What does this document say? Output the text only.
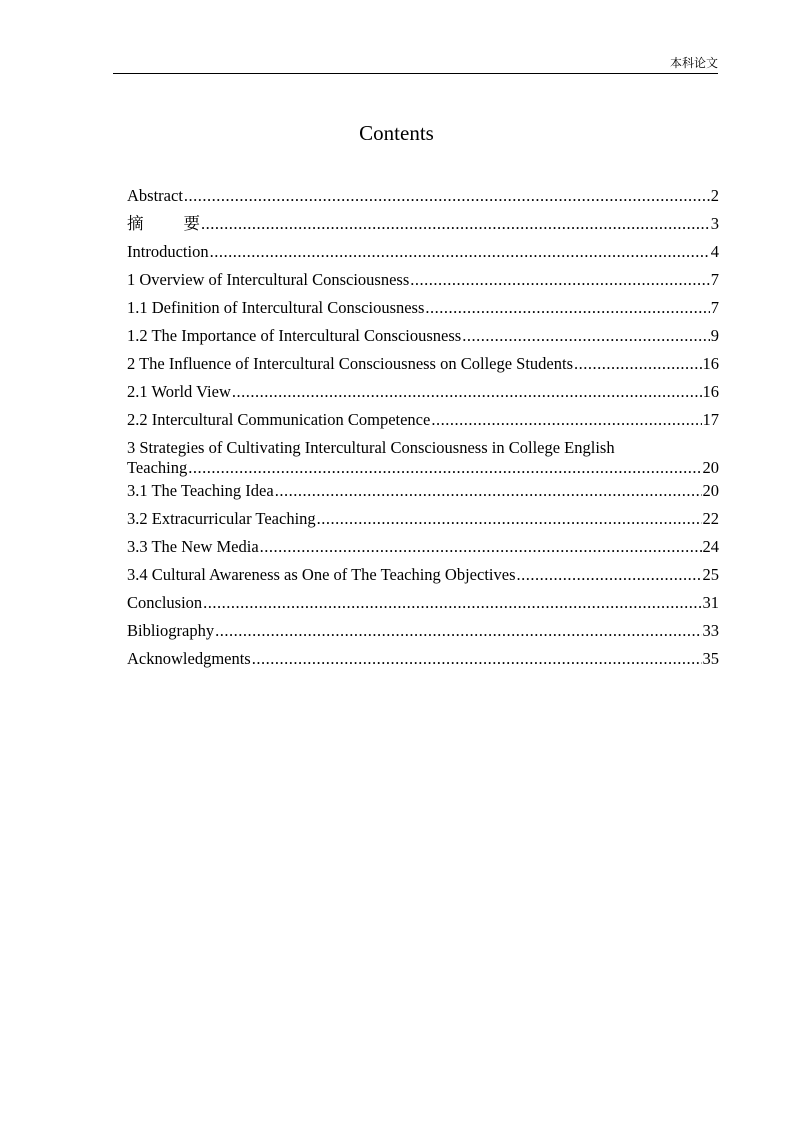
本科论文
Contents
Abstract .....	2
摘 要 .....	3
Introduction .....	4
1 Overview of Intercultural Consciousness .....	7
1.1 Definition of Intercultural Consciousness .....	7
1.2 The Importance of Intercultural Consciousness .....	9
2 The Influence of Intercultural Consciousness on College Students .....	16
2.1 World View .....	16
2.2 Intercultural Communication Competence .....	17
3 Strategies of Cultivating Intercultural Consciousness in College English
Teaching .....	20
3.1 The Teaching Idea .....	20
3.2 Extracurricular Teaching .....	22
3.3 The New Media .....	24
3.4 Cultural Awareness as One of The Teaching Objectives .....	25
Conclusion .....	31
Bibliography .....	33
Acknowledgments .....	35
